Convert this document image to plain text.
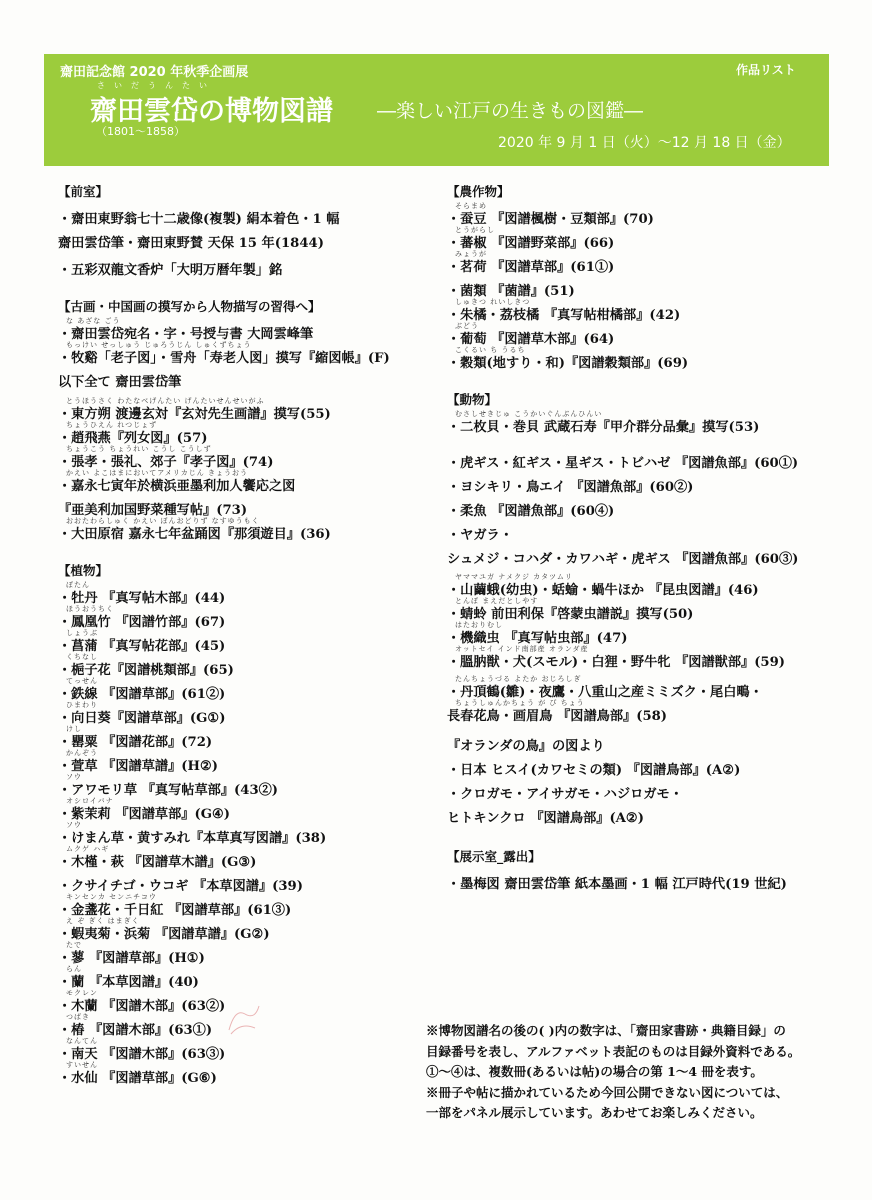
齋田記念館 2020 年秋季企画展	作品リスト
さいだうんたい
齋田雲岱の博物図譜 ―楽しい江戸の生きもの図鑑―
（1801～1858）
2020 年 9 月 1 日（火）～12 月 18 日（金）
【前室】
・齋田東野翁七十二歳像(複製) 絹本着色・1 幅
齋田雲岱筆・齋田東野賛 天保 15 年(1844)
・五彩双龍文香炉「大明万暦年製」銘
【古画・中国画の摸写から人物描写の習得へ】
な あざな ごう
・齋田雲岱宛名・字・号授与書 大岡雲峰筆
もっけい せっしゅう じゅろうじん しゅくずちょう
・牧谿「老子図」・雪舟「寿老人図」摸写『縮図帳』(F)
以下全て 齋田雲岱筆
とうほうさく わたなべげんたい げんたいせんせいがふ
・東方朔 渡邊玄対『玄対先生画譜』摸写(55)
ちょうひえん れつじょず
・趙飛燕『列女図』(57)
ちょうこう ちょうれい こうし こうしず
・張孝・張礼、郊子『孝子図』(74)
かえい よこはまにおいてアメリカじん きょうおう
・嘉永七寅年於横浜亜墨利加人饗応之図
『亜美利加国野菜種写帖』(73)
おおたわらしゅく かえい ぼんおどりず なすゆうもく
・大田原宿 嘉永七年盆踊図『那須遊目』(36)
【植物】
ぼたん
・牡丹 『真写帖木部』(44)
ほうおうちく
・鳳凰竹 『図譜竹部』(67)
しょうぶ
・菖蒲 『真写帖花部』(45)
くちなし
・梔子花『図譜桃類部』(65)
てっせん
・鉄線 『図譜草部』(61②)
ひまわり
・向日葵『図譜草部』(G①)
けし
・罌粟 『図譜花部』(72)
かんぞう
・萱草 『図譜草譜』(H②)
ソウ
・アワモリ草 『真写帖草部』(43②)
オシロイバナ
・紫茉莉 『図譜草部』(G④)
ソウ
・けまん草・黄すみれ『本草真写図譜』(38)
ムクゲ ハギ
・木槿・萩 『図譜草木譜』(G③)
・クサイチゴ・ウコギ 『本草図譜』(39)
キンセンカ センニチコウ
・金盞花・千日紅 『図譜草部』(61③)
え ぞ ぎく はまぎく
・蝦夷菊・浜菊 『図譜草譜』(G②)
たで
・蓼 『図譜草部』(H①)
らん
・蘭 『本草図譜』(40)
モクレン
・木蘭 『図譜木部』(63②)
つばき
・椿 『図譜木部』(63①)
なんてん
・南天 『図譜木部』(63③)
すいせん
・水仙 『図譜草部』(G⑥)
【農作物】
そらまめ
・蚕豆 『図譜楓樹・豆類部』(70)
とうがらし
・蕃椒 『図譜野菜部』(66)
みょうが
・茗荷 『図譜草部』(61①)
・菌類 『菌譜』(51)
しゅきつ れいしきつ
・朱橘・荔枝橘 『真写帖柑橘部』(42)
ぶどう
・葡萄 『図譜草木部』(64)
こくるい ち うるち
・穀類(地すり・和)『図譜穀類部』(69)
【動物】
むさしせきじゅ こうかいぐんぶんひんい
・二枚貝・巻貝 武蔵石寿『甲介群分品彙』摸写(53)
・虎ギス・紅ギス・星ギス・トビハゼ 『図譜魚部』(60①)
・ヨシキリ・鳥エイ 『図譜魚部』(60②)
・柔魚 『図譜魚部』(60④)
・ヤガラ・
シュメジ・コハダ・カワハギ・虎ギス 『図譜魚部』(60③)
ヤママユガ ナメクジ カタツムリ
・山繭蛾(幼虫)・蛞蝓・蝸牛ほか 『昆虫図譜』(46)
とんぼ まえだとしやす
・蜻蛉 前田利保『啓蒙虫譜説』摸写(50)
はたおりむし
・機織虫 『真写帖虫部』(47)
オットセイ インド南部産 オランダ産
・膃肭獣・犬(スモル)・白狸・野牛牝 『図譜獣部』(59)
たんちょうづる よたか おじろしぎ
・丹頂鶴(雛)・夜鷹・八重山之産ミミズク・尾白鴫・
ちょうしゅんかちょう が び ちょう
長春花鳥・画眉鳥 『図譜鳥部』(58)
『オランダの鳥』の図より
・日本 ヒスイ(カワセミの類) 『図譜鳥部』(A②)
・クロガモ・アイサガモ・ハジロガモ・
ヒトキンクロ 『図譜鳥部』(A②)
【展示室_露出】
・墨梅図 齋田雲岱筆 紙本墨画・1 幅 江戸時代(19 世紀)
※博物図譜名の後の( )内の数字は、「齋田家書跡・典籍目録」の
目録番号を表し、アルファベット表記のものは目録外資料である。
①～④は、複数冊(あるいは帖)の場合の第 1～4 冊を表す。
※冊子や帖に描かれているため今回公開できない図については、
一部をパネル展示しています。あわせてお楽しみください。
